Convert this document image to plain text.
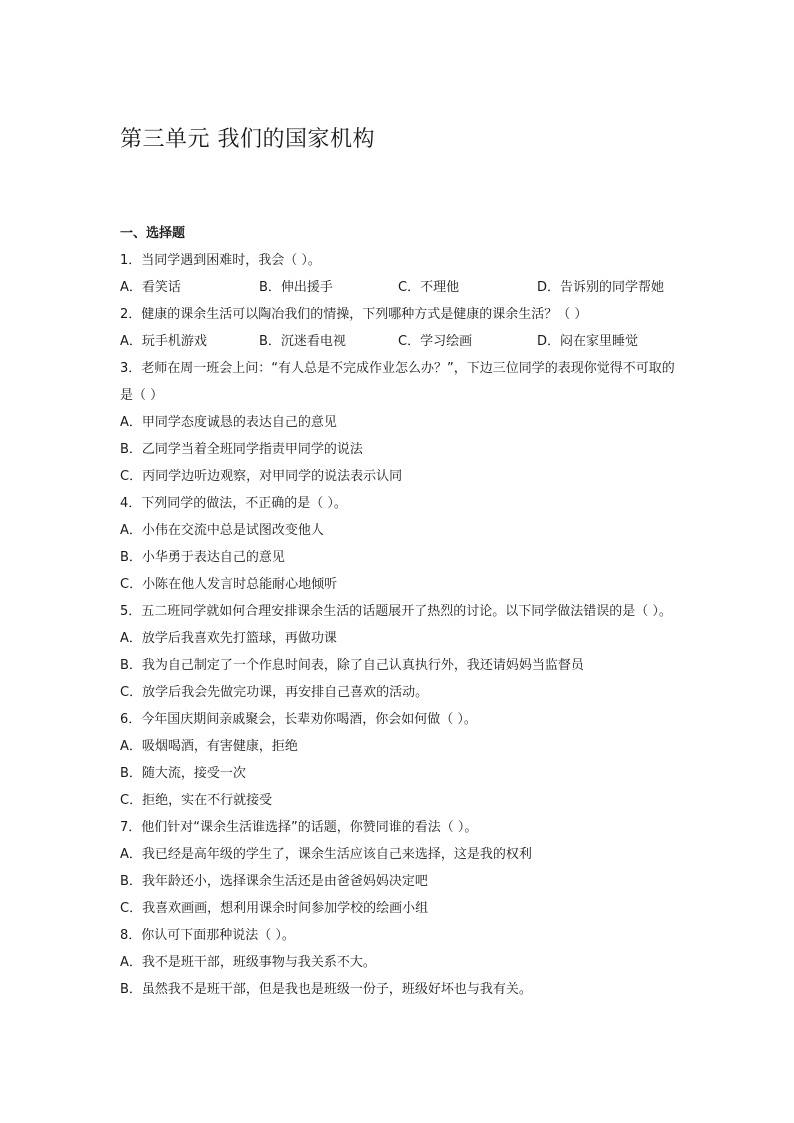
第三单元 我们的国家机构
一、选择题
1．当同学遇到困难时，我会（ ）。
A．看笑话	B．伸出援手	C．不理他	D．告诉别的同学帮她
2．健康的课余生活可以陶冶我们的情操，下列哪种方式是健康的课余生活？（ ）
A．玩手机游戏	B．沉迷看电视	C．学习绘画	D．闷在家里睡觉
3．老师在周一班会上问：“有人总是不完成作业怎么办？”，下边三位同学的表现你觉得不可取的是（ ）
A．甲同学态度诚恳的表达自己的意见
B．乙同学当着全班同学指责甲同学的说法
C．丙同学边听边观察，对甲同学的说法表示认同
4．下列同学的做法，不正确的是（ ）。
A．小伟在交流中总是试图改变他人
B．小华勇于表达自己的意见
C．小陈在他人发言时总能耐心地倾听
5．五二班同学就如何合理安排课余生活的话题展开了热烈的讨论。以下同学做法错误的是（ ）。
A．放学后我喜欢先打篮球，再做功课
B．我为自己制定了一个作息时间表，除了自己认真执行外，我还请妈妈当监督员
C．放学后我会先做完功课，再安排自己喜欢的活动。
6．今年国庆期间亲戚聚会，长辈劝你喝酒，你会如何做（ ）。
A．吸烟喝酒，有害健康，拒绝
B．随大流，接受一次
C．拒绝，实在不行就接受
7．他们针对“课余生活谁选择”的话题，你赞同谁的看法（ ）。
A．我已经是高年级的学生了，课余生活应该自己来选择，这是我的权利
B．我年龄还小，选择课余生活还是由爸爸妈妈决定吧
C．我喜欢画画，想利用课余时间参加学校的绘画小组
8．你认可下面那种说法（ ）。
A．我不是班干部，班级事物与我关系不大。
B．虽然我不是班干部，但是我也是班级一份子，班级好坏也与我有关。
